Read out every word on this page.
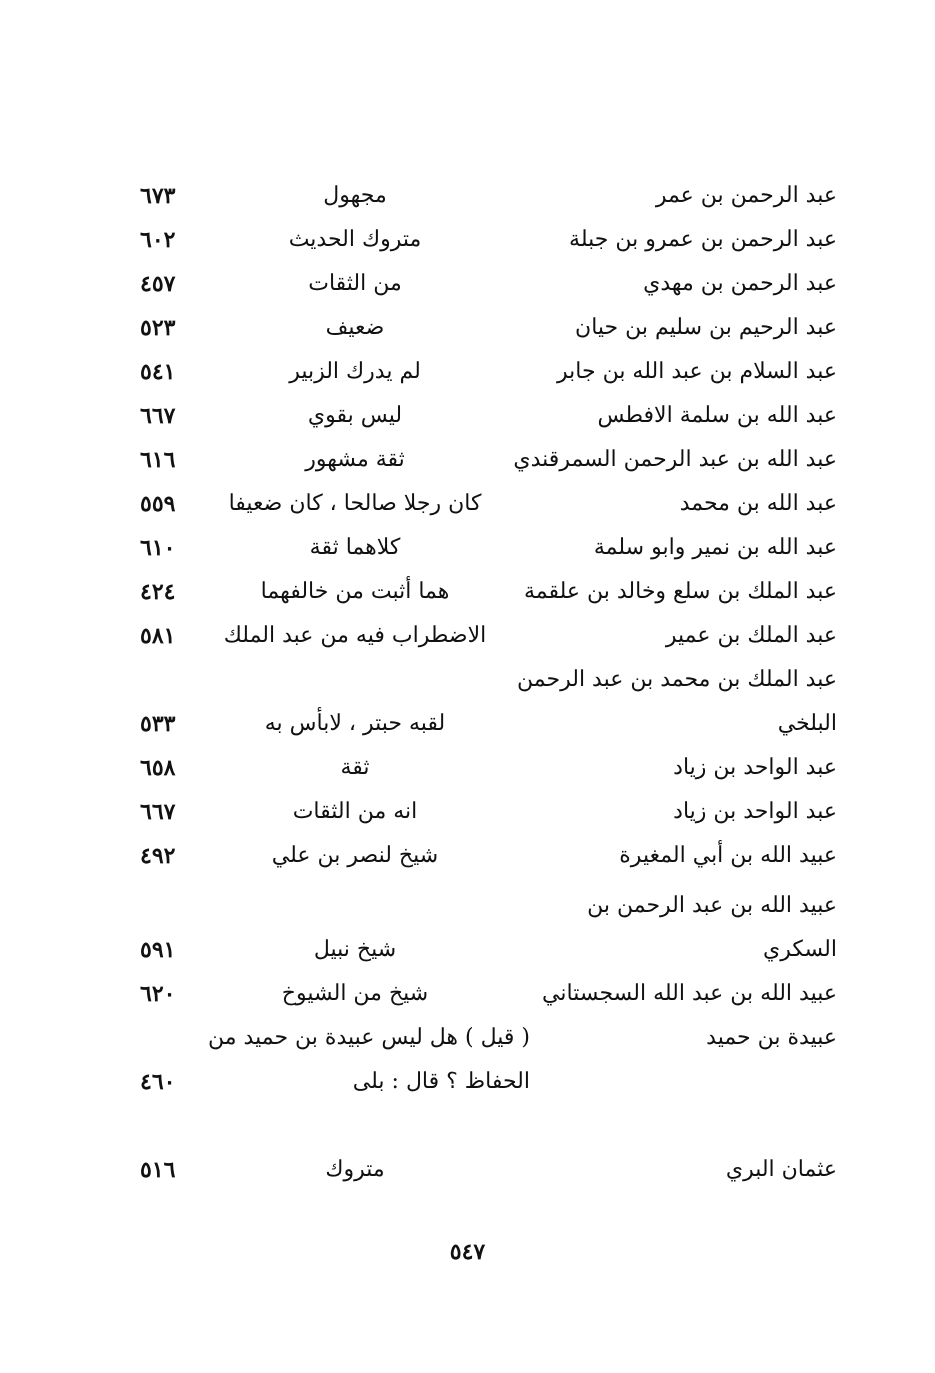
عبد الرحمن بن عمر
مجهول
٦٧٣
عبد الرحمن بن عمرو بن جبلة
متروك الحديث
٦٠٢
عبد الرحمن بن مهدي
من الثقات
٤٥٧
عبد الرحيم بن سليم بن حيان
ضعيف
٥٢٣
عبد السلام بن عبد الله بن جابر
لم يدرك الزبير
٥٤١
عبد الله بن سلمة الافطس
ليس بقوي
٦٦٧
عبد الله بن عبد الرحمن السمرقندي
ثقة مشهور
٦١٦
عبد الله بن محمد
كان رجلا صالحا ، كان ضعيفا
٥٥٩
عبد الله بن نمير وابو سلمة
كلاهما ثقة
٦١٠
عبد الملك بن سلع وخالد بن علقمة
هما أثبت من خالفهما
٤٢٤
عبد الملك بن عمير
الاضطراب فيه من عبد الملك
٥٨١
عبد الملك بن محمد بن عبد الرحمن
البلخي
لقبه حبتر ، لابأس به
٥٣٣
عبد الواحد بن زياد
ثقة
٦٥٨
عبد الواحد بن زياد
انه من الثقات
٦٦٧
عبيد الله بن أبي المغيرة
شيخ لنصر بن علي
٤٩٢
عبيد الله بن عبد الرحمن بن
السكري
شيخ نبيل
٥٩١
عبيد الله بن عبد الله السجستاني
شيخ من الشيوخ
٦٢٠
عبيدة بن حميد
( قيل ) هل ليس عبيدة بن حميد من
الحفاظ ؟ قال : بلى
٤٦٠
عثمان البري
متروك
٥١٦
٥٤٧
